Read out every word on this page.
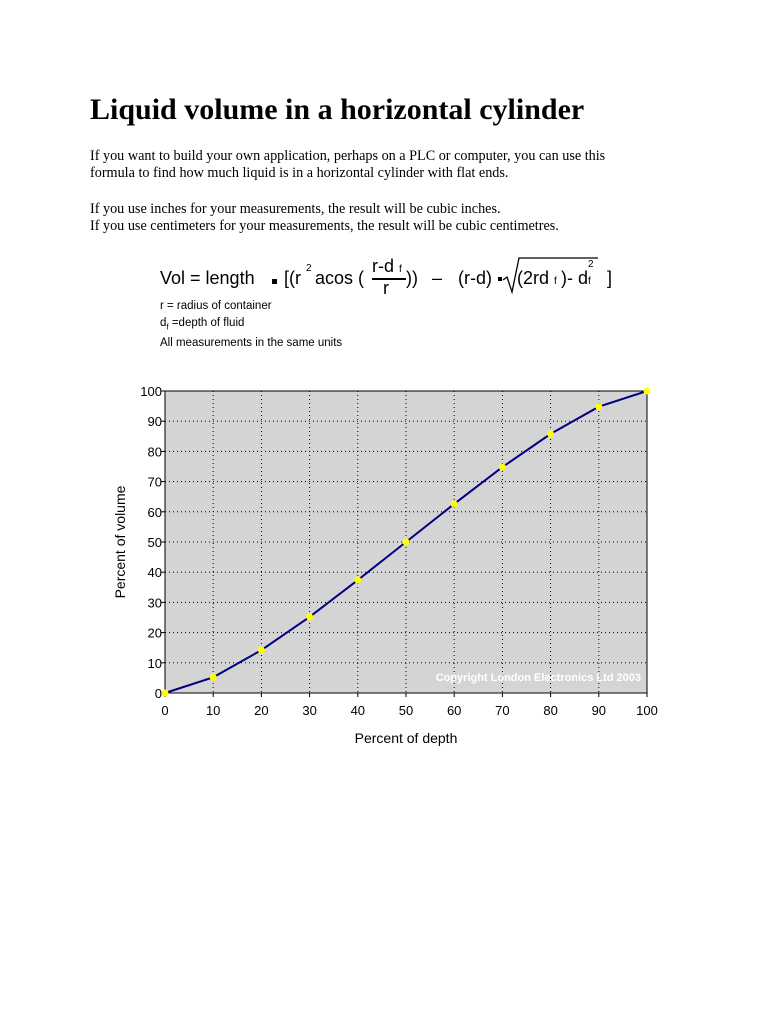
Liquid volume in a horizontal cylinder
If you want to build your own application, perhaps on a PLC or computer, you can use this
formula to find how much liquid is in a horizontal cylinder with flat ends.
If you use inches for your measurements, the result will be cubic inches.
If you use centimeters for your measurements, the result will be cubic centimetres.
Vol = length [(r 2 acos (
r-d f
r )) – (r-d) (2rd f )- d f
2
]
r = radius of container
$d_f$ =depth of fluid
All measurements in the same units
0	10	20	30	40	50	60	70	80	90 100
0
10
20
30
40
50
60
70
80
90
100
Copyright London Electronics Ltd 2003
Percent of depth
Percent of volume
